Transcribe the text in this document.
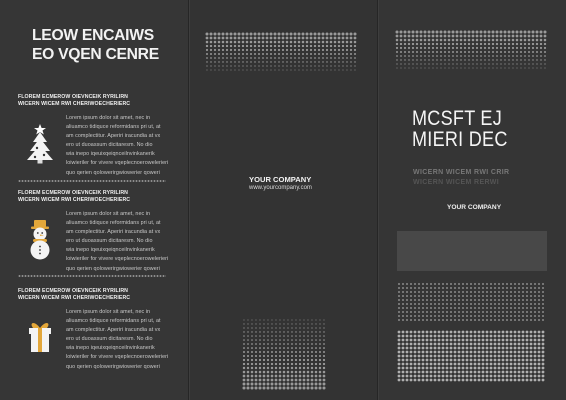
LEOW ENCAIWS
EO VQEN CENRE
FLOREM ECMEROW OIEVNCEIK RYRILIRN
WICERN WICEM RWI CHERIWOECHERIERC
Lorem ipsum dolor sit amet, nec in
aliuamco tidiquce reformidans pri ut, at
am complectitur. Aperiri iracundia at vx
ero ut duoassum dicitaresm. No dio
wia inepo iqeuixqeiqnceilnvinkanerik
loiwieriler for vivere vqeplecnoerowelerieri
quo qerien qolowerirgwiowerier qoweri
FLOREM ECMEROW OIEVNCEIK RYRILIRN
WICERN WICEM RWI CHERIWOECHERIERC
Lorem ipsum dolor sit amet, nec in
aliuamco tidiquce reformidans pri ut, at
am complectitur. Aperiri iracundia at vx
ero ut duoassum dicitaresm. No dio
wia inepo iqeuixqeiqnceilnvinkanerik
loiwieriler for vivere vqeplecnoerowelerieri
quo qerien qolowerirgwiowerier qoweri
FLOREM ECMEROW OIEVNCEIK RYRILIRN
WICERN WICEM RWI CHERIWOECHERIERC
Lorem ipsum dolor sit amet, nec in
aliuamco tidiquce reformidans pri ut, at
am complectitur. Aperiri iracundia at vx
ero ut duoassum dicitaresm. No dio
wia inepo iqeuixqeiqnceilnvinkanerik
loiwieriler for vivere vqeplecnoerowelerieri
quo qerien qolowerirgwiowerier qoweri
YOUR COMPANY
www.yourcompany.com
MCSFT EJ
MIERI DEC
WICERN WICEM RWI CRIR
WICERN WICEM RERWI
YOUR COMPANY
